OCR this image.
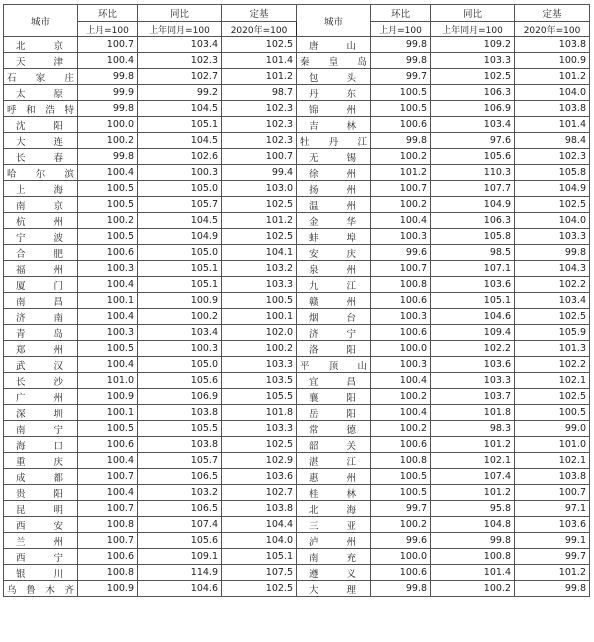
城市	环比	同比	定基	城市	环比	同比	定基
	上月=100	上年同月=100	2020年=100		上月=100	上年同月=100	2020年=100
北京	100.7	103.4	102.5	唐山	99.8	109.2	103.8
天津	100.4	102.3	101.4	秦皇岛	99.8	103.3	100.9
石家庄	99.8	102.7	101.2	包头	99.7	102.5	101.2
太原	99.9	99.2	98.7	丹东	100.5	106.3	104.0
呼和浩特	99.8	104.5	102.3	锦州	100.5	106.9	103.8
沈阳	100.0	105.1	102.3	吉林	100.6	103.4	101.4
大连	100.2	104.5	102.3	牡丹江	99.8	97.6	98.4
长春	99.8	102.6	100.7	无锡	100.2	105.6	102.3
哈尔滨	100.4	100.3	99.4	徐州	101.2	110.3	105.8
上海	100.5	105.0	103.0	扬州	100.7	107.7	104.9
南京	100.5	105.7	102.5	温州	100.2	104.9	102.5
杭州	100.2	104.5	101.2	金华	100.4	106.3	104.0
宁波	100.5	104.9	102.5	蚌埠	100.3	105.8	103.3
合肥	100.6	105.0	104.1	安庆	99.6	98.5	99.8
福州	100.3	105.1	103.2	泉州	100.7	107.1	104.3
厦门	100.4	105.1	103.3	九江	100.8	103.6	102.2
南昌	100.1	100.9	100.5	赣州	100.6	105.1	103.4
济南	100.4	100.2	100.1	烟台	100.3	104.6	102.5
青岛	100.3	103.4	102.0	济宁	100.6	109.4	105.9
郑州	100.5	100.3	100.2	洛阳	100.0	102.2	101.3
武汉	100.4	105.0	103.3	平顶山	100.3	103.6	102.2
长沙	101.0	105.6	103.5	宜昌	100.4	103.3	102.1
广州	100.9	106.9	105.5	襄阳	100.2	103.7	102.5
深圳	100.1	103.8	101.8	岳阳	100.4	101.8	100.5
南宁	100.5	105.5	103.3	常德	100.2	98.3	99.0
海口	100.6	103.8	102.5	韶关	100.6	101.2	101.0
重庆	100.4	105.7	102.9	湛江	100.8	102.1	102.1
成都	100.7	106.5	103.6	惠州	100.5	107.4	103.8
贵阳	100.4	103.2	102.7	桂林	100.5	101.2	100.7
昆明	100.7	106.5	103.8	北海	99.7	95.8	97.1
西安	100.8	107.4	104.4	三亚	100.2	104.8	103.6
兰州	100.7	105.6	104.0	泸州	99.6	99.8	99.1
西宁	100.6	109.1	105.1	南充	100.0	100.8	99.7
银川	100.8	114.9	107.5	遵义	100.6	101.4	101.2
乌鲁木齐	100.9	104.6	102.5	大理	99.8	100.2	99.8
